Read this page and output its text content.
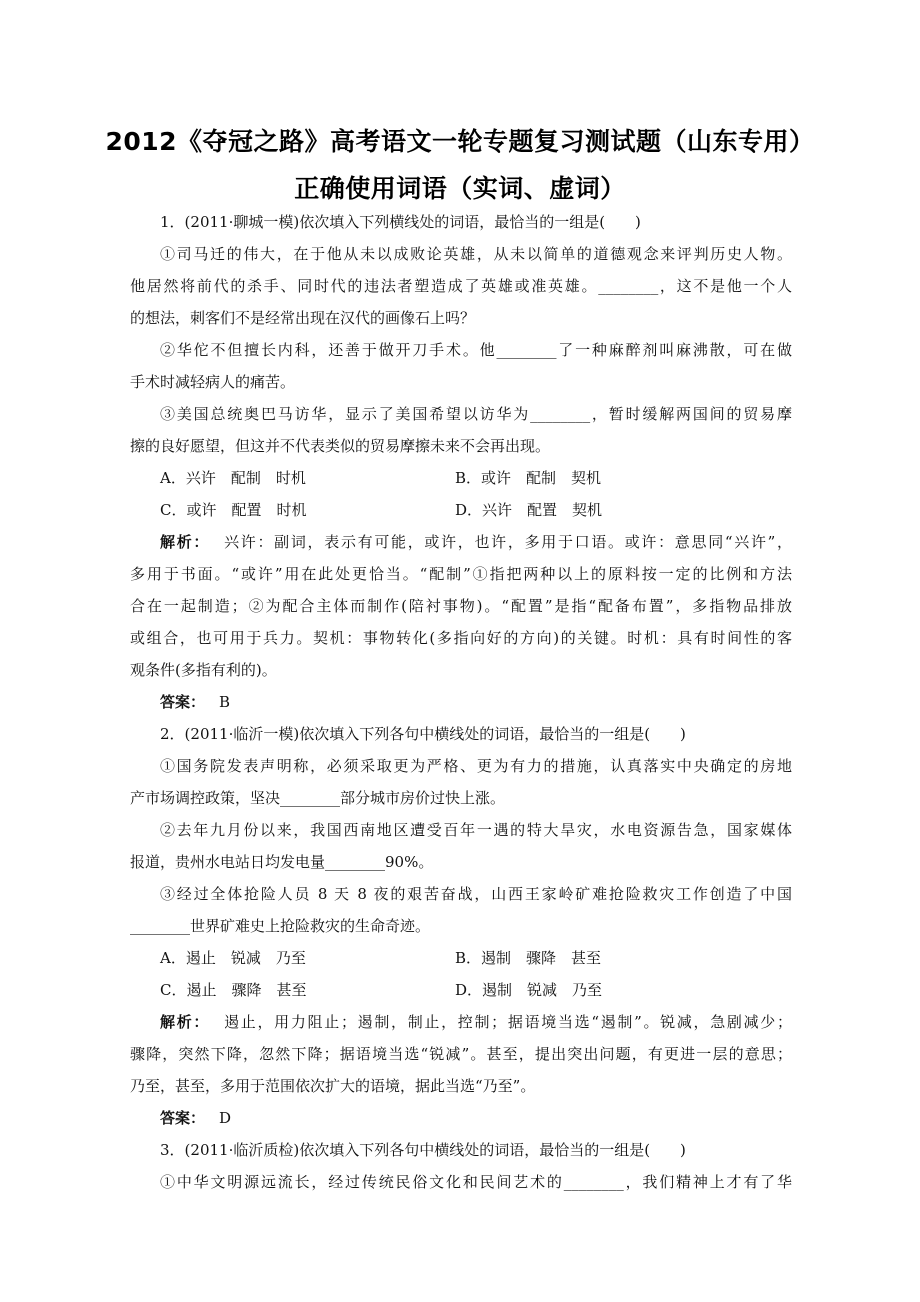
2012《夺冠之路》高考语文一轮专题复习测试题（山东专用）
正确使用词语（实词、虚词）
1．(2011·聊城一模)依次填入下列横线处的词语，最恰当的一组是(　　)
①司马迁的伟大，在于他从未以成败论英雄，从未以简单的道德观念来评判历史人物。
他居然将前代的杀手、同时代的违法者塑造成了英雄或准英雄。________，这不是他一个人
的想法，刺客们不是经常出现在汉代的画像石上吗？
②华佗不但擅长内科，还善于做开刀手术。他________了一种麻醉剂叫麻沸散，可在做
手术时减轻病人的痛苦。
③美国总统奥巴马访华，显示了美国希望以访华为________，暂时缓解两国间的贸易摩
擦的良好愿望，但这并不代表类似的贸易摩擦未来不会再出现。
A．兴许　配制　时机	B．或许　配制　契机
C．或许　配置　时机	D．兴许　配置　契机
解析： 兴许：副词，表示有可能，或许，也许，多用于口语。或许：意思同“兴许”，
多用于书面。“或许”用在此处更恰当。“配制”①指把两种以上的原料按一定的比例和方法
合在一起制造；②为配合主体而制作(陪衬事物)。“配置”是指“配备布置”，多指物品排放
或组合，也可用于兵力。契机：事物转化(多指向好的方向)的关键。时机：具有时间性的客
观条件(多指有利的)。
答案： B
2．(2011·临沂一模)依次填入下列各句中横线处的词语，最恰当的一组是(　　)
①国务院发表声明称，必须采取更为严格、更为有力的措施，认真落实中央确定的房地
产市场调控政策，坚决________部分城市房价过快上涨。
②去年九月份以来，我国西南地区遭受百年一遇的特大旱灾，水电资源告急，国家媒体
报道，贵州水电站日均发电量________90%。
③经过全体抢险人员 8 天 8 夜的艰苦奋战，山西王家岭矿难抢险救灾工作创造了中国
________世界矿难史上抢险救灾的生命奇迹。
A．遏止　锐减　乃至	B．遏制　骤降　甚至
C．遏止　骤降　甚至	D．遏制　锐减　乃至
解析： 遏止，用力阻止；遏制，制止，控制；据语境当选“遏制”。锐减，急剧减少；
骤降，突然下降，忽然下降；据语境当选“锐减”。甚至，提出突出问题，有更进一层的意思；
乃至，甚至，多用于范围依次扩大的语境，据此当选“乃至”。
答案： D
3．(2011·临沂质检)依次填入下列各句中横线处的词语，最恰当的一组是(　　)
①中华文明源远流长，经过传统民俗文化和民间艺术的________，我们精神上才有了华
